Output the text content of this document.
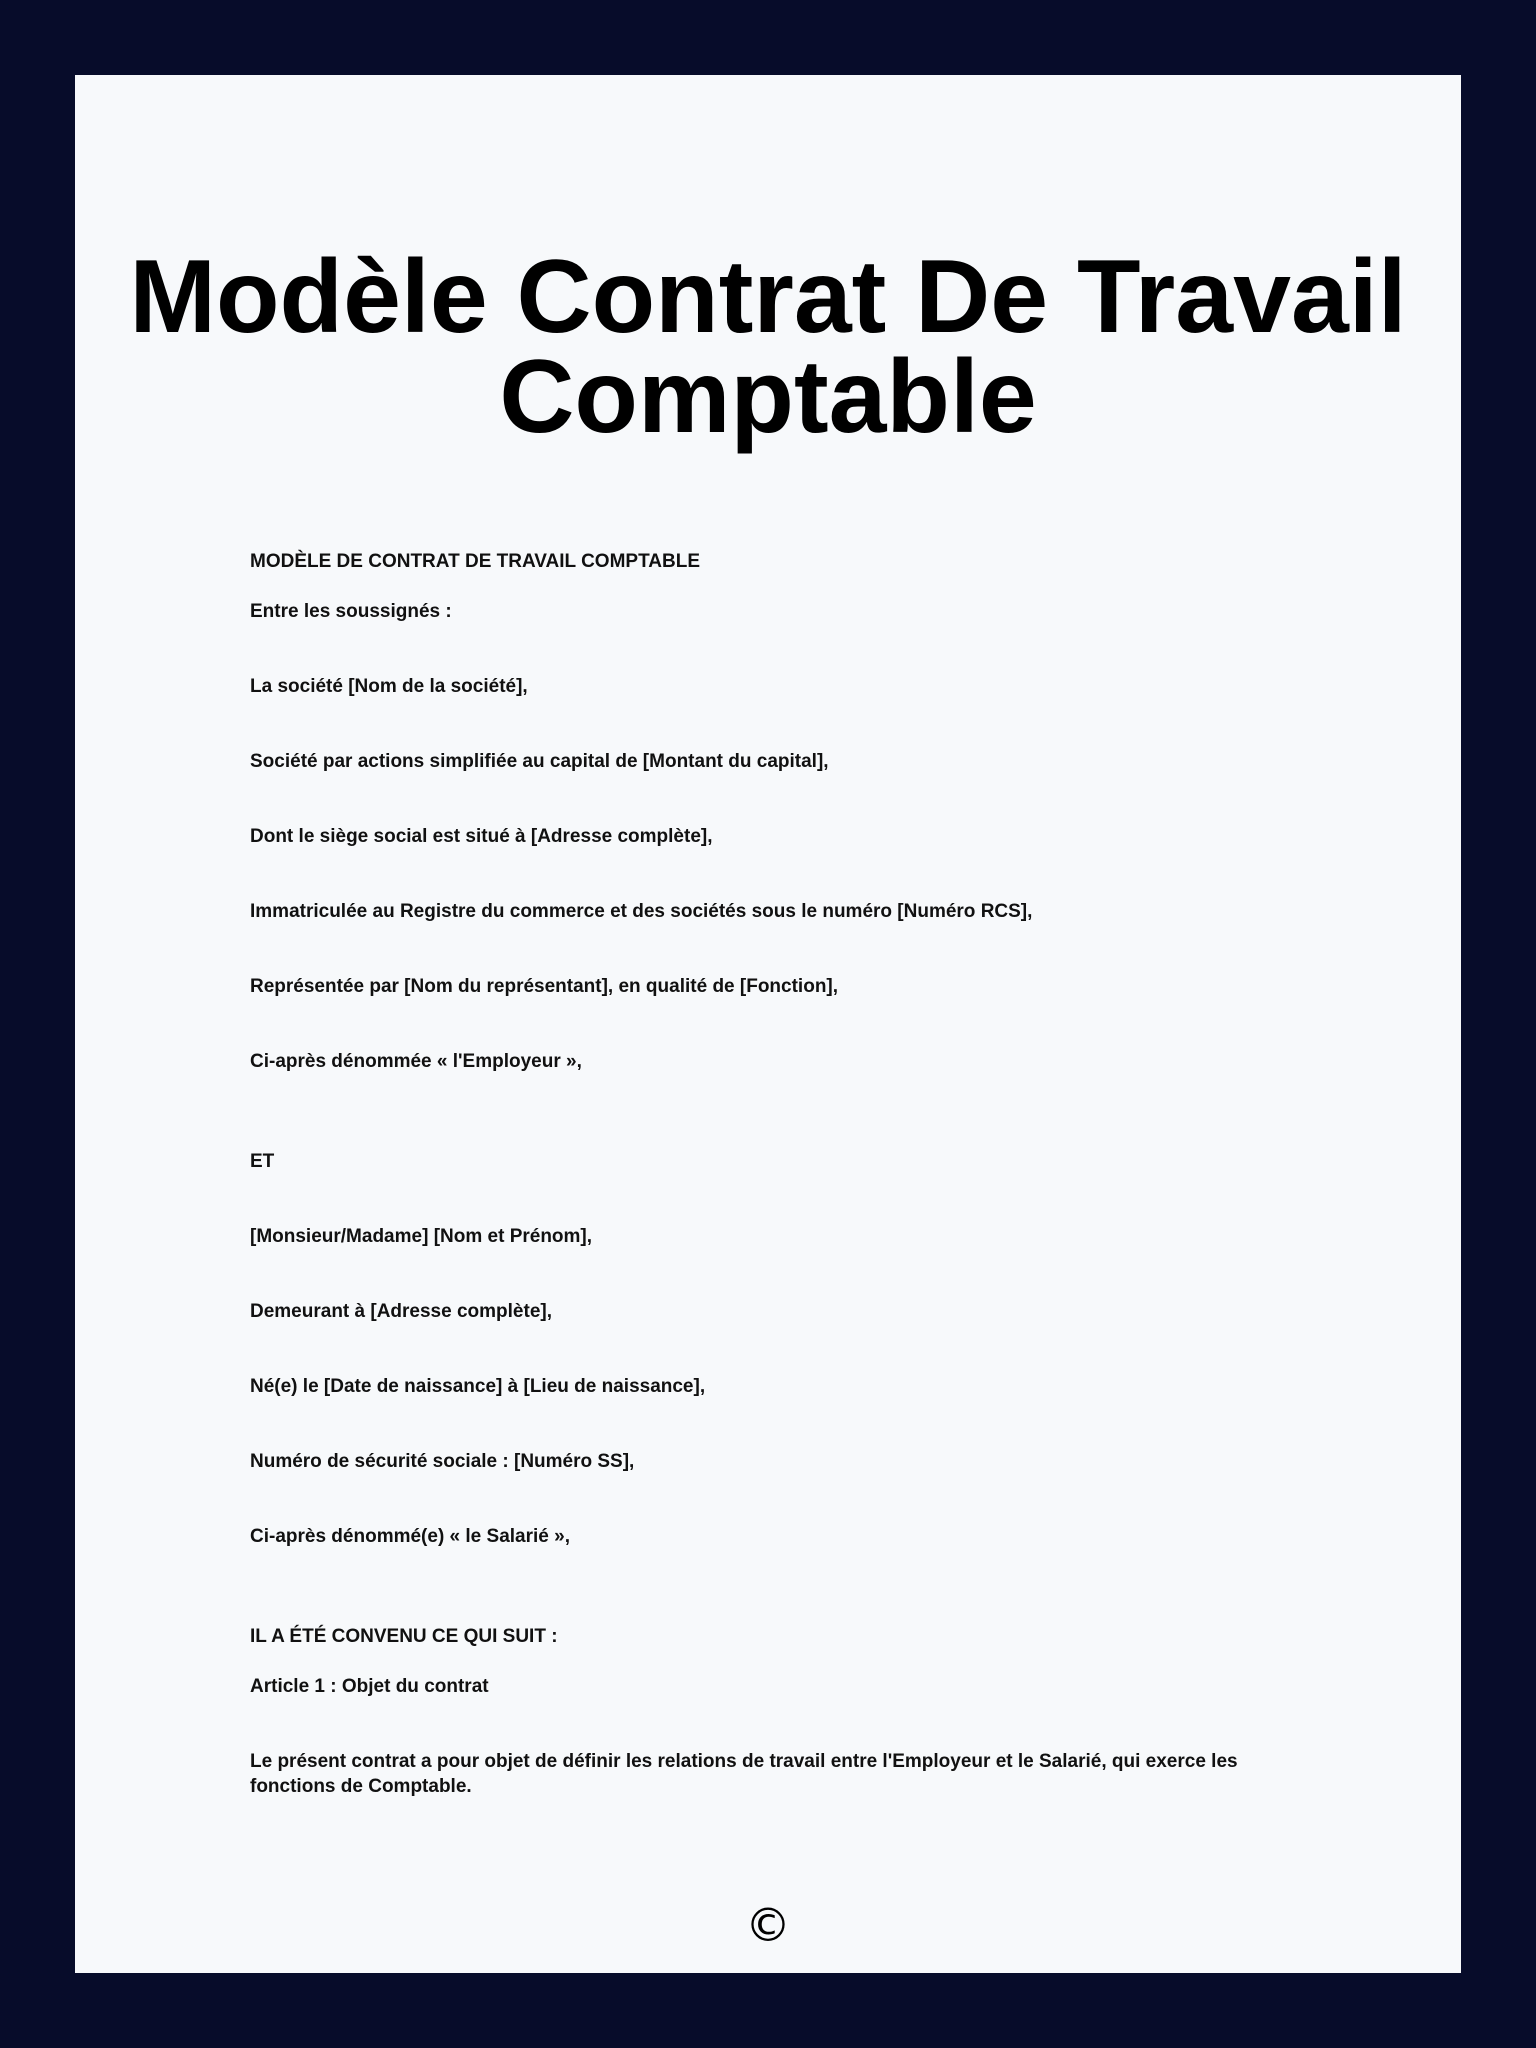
Modèle Contrat De Travail
Comptable

MODÈLE DE CONTRAT DE TRAVAIL COMPTABLE

Entre les soussignés :

La société [Nom de la société],

Société par actions simplifiée au capital de [Montant du capital],

Dont le siège social est situé à [Adresse complète],

Immatriculée au Registre du commerce et des sociétés sous le numéro [Numéro RCS],

Représentée par [Nom du représentant], en qualité de [Fonction],

Ci-après dénommée « l'Employeur »,

ET

[Monsieur/Madame] [Nom et Prénom],

Demeurant à [Adresse complète],

Né(e) le [Date de naissance] à [Lieu de naissance],

Numéro de sécurité sociale : [Numéro SS],

Ci-après dénommé(e) « le Salarié »,

IL A ÉTÉ CONVENU CE QUI SUIT :

Article 1 : Objet du contrat

Le présent contrat a pour objet de définir les relations de travail entre l'Employeur et le Salarié, qui exerce les fonctions de Comptable.

©
